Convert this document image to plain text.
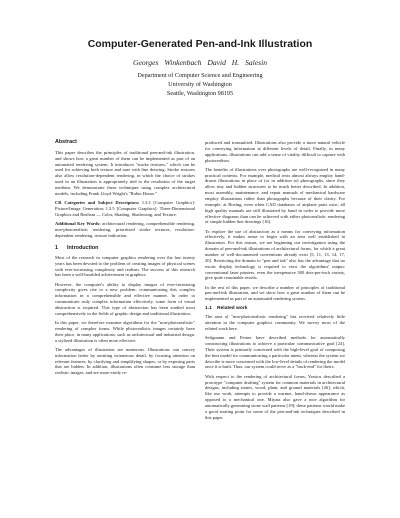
Computer-Generated Pen-and-Ink Illustration
Georges Winkenbach David H. Salesin
Department of Computer Science and Engineering
University of Washington
Seattle, Washington 98195
Abstract

This paper describes the principles of traditional pen-and-ink illustration, and shows how a great number of them can be implemented as part of an automated rendering system. It introduces "stroke textures," which can be used for achieving both texture and tone with line drawing. Stroke textures also allow resolution-dependent rendering, in which the choice of strokes used in an illustration is appropriately tied to the resolution of the target medium. We demonstrate these techniques using complex architectural models, including Frank Lloyd Wright's "Robie House."

CR Categories and Subject Descriptors: I.3.3 [Computer Graphics]: Picture/Image Generation; I.3.5 [Computer Graphics]: Three-Dimensional Graphics and Realism — Color, Shading, Shadowing, and Texture.

Additional Key Words: architectural rendering, comprehensible rendering, non-photorealistic rendering, prioritized stroke textures, resolution-dependent rendering, texture indication.

1 Introduction

Most of the research in computer graphics rendering over the last twenty years has been devoted to the problem of creating images of physical scenes with ever-increasing complexity and realism. The success of this research has been a well-heralded achievement in graphics.

However, the computer's ability to display images of ever-increasing complexity gives rise to a new problem: communicating this complex information in a comprehensible and effective manner. In order to communicate truly complex information effectively, some form of visual abstraction is required. This type of abstraction has been studied most comprehensively in the fields of graphic design and traditional illustration.

In this paper, we therefore examine algorithms for the "non-photorealistic" rendering of complex forms. While photorealistic images certainly have their place, in many applications, such as architectural and industrial design, a stylized illustration is often more effective.

The advantages of illustration are numerous. Illustrations can convey information better by omitting extraneous detail, by focusing attention on relevant features, by clarifying and simplifying shapes, or by exposing parts that are hidden. In addition, illustrations often consume less storage than realistic images, and are more easily re-

produced and transmitted. Illustrations also provide a more natural vehicle for conveying information at different levels of detail. Finally, in many applications, illustrations can add a sense of vitality difficult to capture with photorealism.

The benefits of illustrations over photographs are well-recognized in many practical contexts. For example, medical texts almost always employ hand-drawn illustrations in place of (or in addition to) photographs, since they allow tiny and hidden structures to be much better described. In addition, most assembly, maintenance, and repair manuals of mechanical hardware employ illustrations rather than photographs because of their clarity. For example, at Boeing, even when CAD databases of airplane parts exist, all high quality manuals are still illustrated by hand in order to provide more effective diagrams than can be achieved with either photorealistic rendering or simple hidden line drawings [16].

To explore the use of abstraction as a means for conveying information effectively, it makes sense to begin with an area well established in illustration. For this reason, we are beginning our investigation using the domain of pen-and-ink illustrations of architectural forms, for which a great number of well-documented conventions already exist [5, 11, 13, 14, 17, 20]. Restricting the domain to "pen and ink" also has the advantage that no exotic display technology is required to view the algorithms' output: conventional laser printers, even the inexpensive 300 dots-per-inch variety, give quite reasonable results.

In the rest of this paper, we describe a number of principles of traditional pen-and-ink illustration, and we show how a great number of them can be implemented as part of an automated rendering system.

1.1 Related work

The area of "non-photorealistic rendering" has received relatively little attention in the computer graphics community. We survey most of the related work here.

Seligmann and Feiner have described methods for automatically constructing illustrations to achieve a particular communicative goal [24]. Their system is primarily concerned with the high-level goal of composing the best model for communicating a particular intent, whereas the system we describe is more concerned with the low-level details of rendering the model once it is built. Thus, our system could serve as a "back-end" for theirs.

With respect to the rendering of architectural forms, Yessios described a prototype "computer drafting" system for common materials in architectural designs, including stones, wood, plant, and ground materials [26], which, like our work, attempts to provide a warmer, hand-drawn appearance as opposed to a mechanical one. Miyata also gave a nice algorithm for automatically generating stone wall patterns [19]; these patterns would make a good starting point for some of the pen-and-ink techniques described in this paper.
